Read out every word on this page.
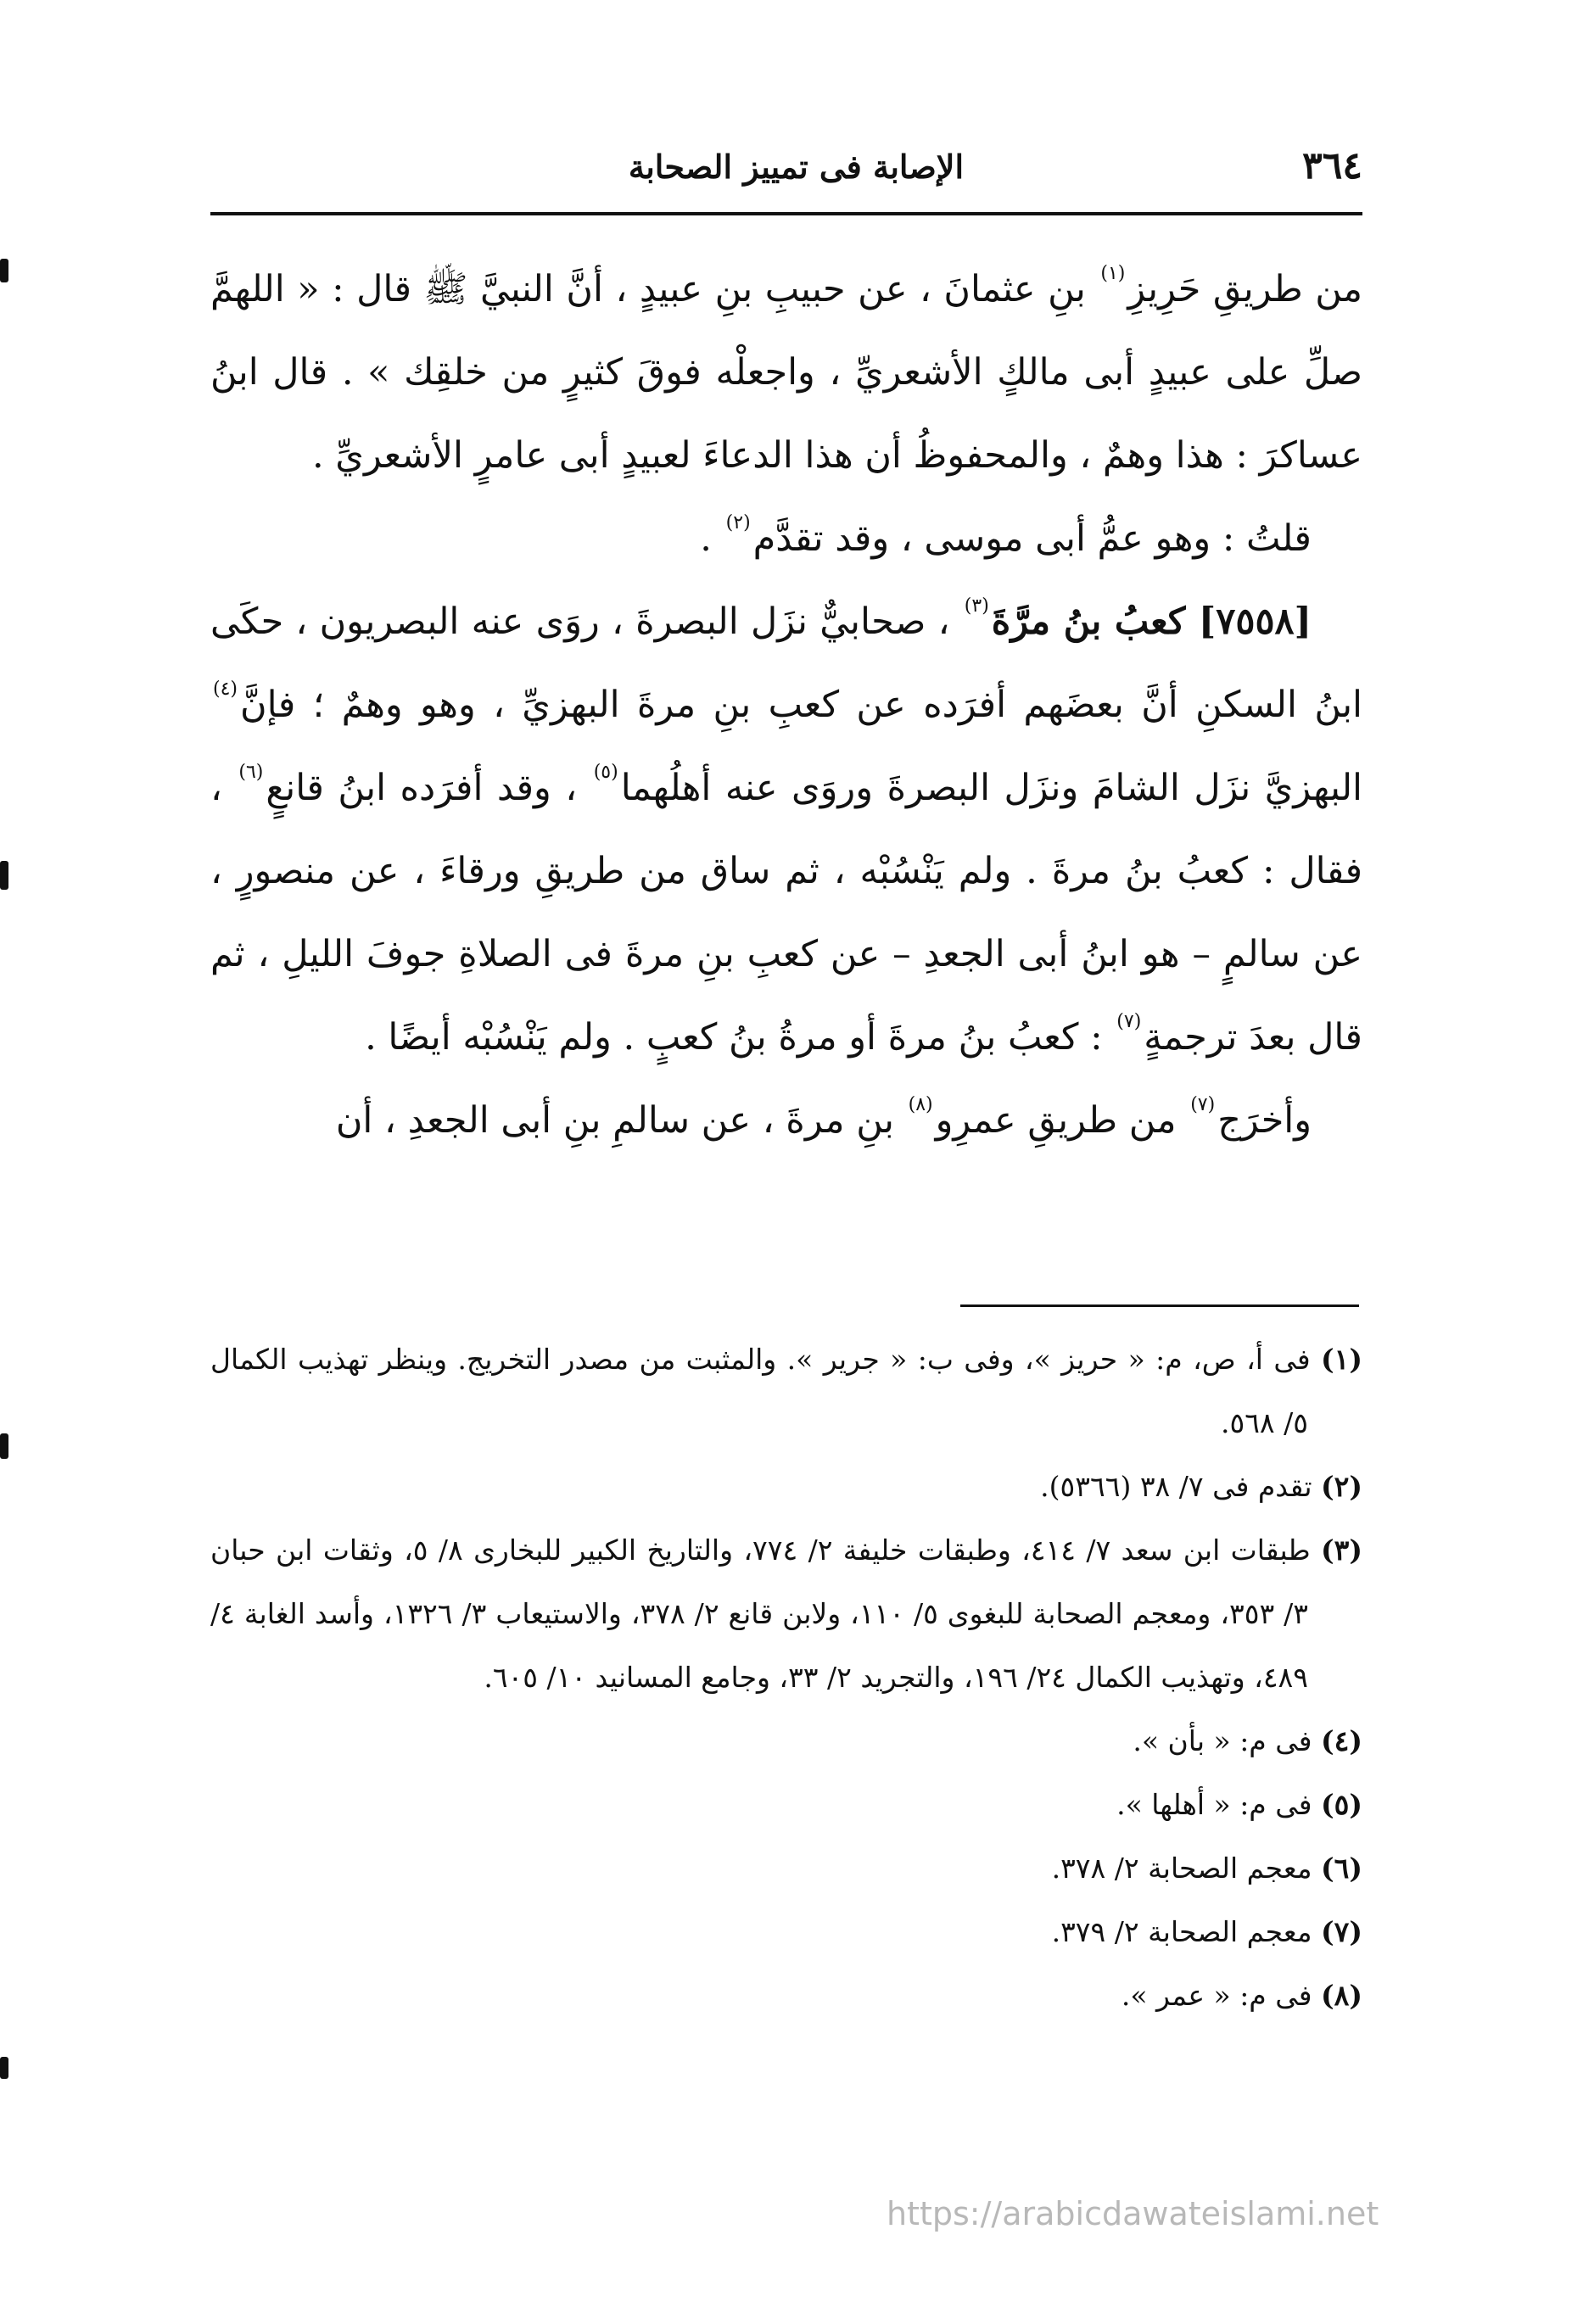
٣٦٤
الإصابة فى تمييز الصحابة

من طريقِ حَرِيزِ$^{(١)}$ بنِ عثمانَ ، عن حبيبِ بنِ عبيدٍ ، أنَّ النبيَّ ﷺ قال : « اللهمَّ صلِّ على عبيدٍ أبى مالكٍ الأشعريِّ ، واجعلْه فوقَ كثيرٍ من خلقِك » . قال ابنُ عساكرَ : هذا وهمٌ ، والمحفوظُ أن هذا الدعاءَ لعبيدٍ أبى عامرٍ الأشعريِّ .

قلتُ : وهو عمُّ أبى موسى ، وقد تقدَّم$^{(٢)}$ .

[٧٥٥٨] كعبُ بنُ مرَّةَ$^{(٣)}$ ، صحابيٌّ نزَل البصرةَ ، روَى عنه البصريون ، حكَى ابنُ السكنِ أنَّ بعضَهم أفرَده عن كعبِ بنِ مرةَ البهزيِّ ، وهو وهمٌ ؛ فإنَّ$^{(٤)}$ البهزيَّ نزَل الشامَ ونزَل البصرةَ وروَى عنه أهلُهما$^{(٥)}$ ، وقد أفرَده ابنُ قانعٍ$^{(٦)}$ ، فقال : كعبُ بنُ مرةَ . ولم يَنْسُبْه ، ثم ساق من طريقِ ورقاءَ ، عن منصورٍ ، عن سالمٍ – هو ابنُ أبى الجعدِ – عن كعبِ بنِ مرةَ فى الصلاةِ جوفَ الليلِ ، ثم قال بعدَ ترجمةٍ$^{(٧)}$ : كعبُ بنُ مرةَ أو مرةُ بنُ كعبٍ . ولم يَنْسُبْه أيضًا .

وأخرَج$^{(٧)}$ من طريقِ عمرِو$^{(٨)}$ بنِ مرةَ ، عن سالمِ بنِ أبى الجعدِ ، أن

(١) فى أ، ص، م: « حريز »، وفى ب: « جرير ». والمثبت من مصدر التخريج. وينظر تهذيب الكمال ٥/ ٥٦٨.
(٢) تقدم فى ٧/ ٣٨ (٥٣٦٦).
(٣) طبقات ابن سعد ٧/ ٤١٤، وطبقات خليفة ٢/ ٧٧٤، والتاريخ الكبير للبخارى ٨/ ٥، وثقات ابن حبان ٣/ ٣٥٣، ومعجم الصحابة للبغوى ٥/ ١١٠، ولابن قانع ٢/ ٣٧٨، والاستيعاب ٣/ ١٣٢٦، وأسد الغابة ٤/ ٤٨٩، وتهذيب الكمال ٢٤/ ١٩٦، والتجريد ٢/ ٣٣، وجامع المسانيد ١٠/ ٦٠٥.
(٤) فى م: « بأن ».
(٥) فى م: « أهلها ».
(٦) معجم الصحابة ٢/ ٣٧٨.
(٧) معجم الصحابة ٢/ ٣٧٩.
(٨) فى م: « عمر ».
https://arabicdawateislami.net
